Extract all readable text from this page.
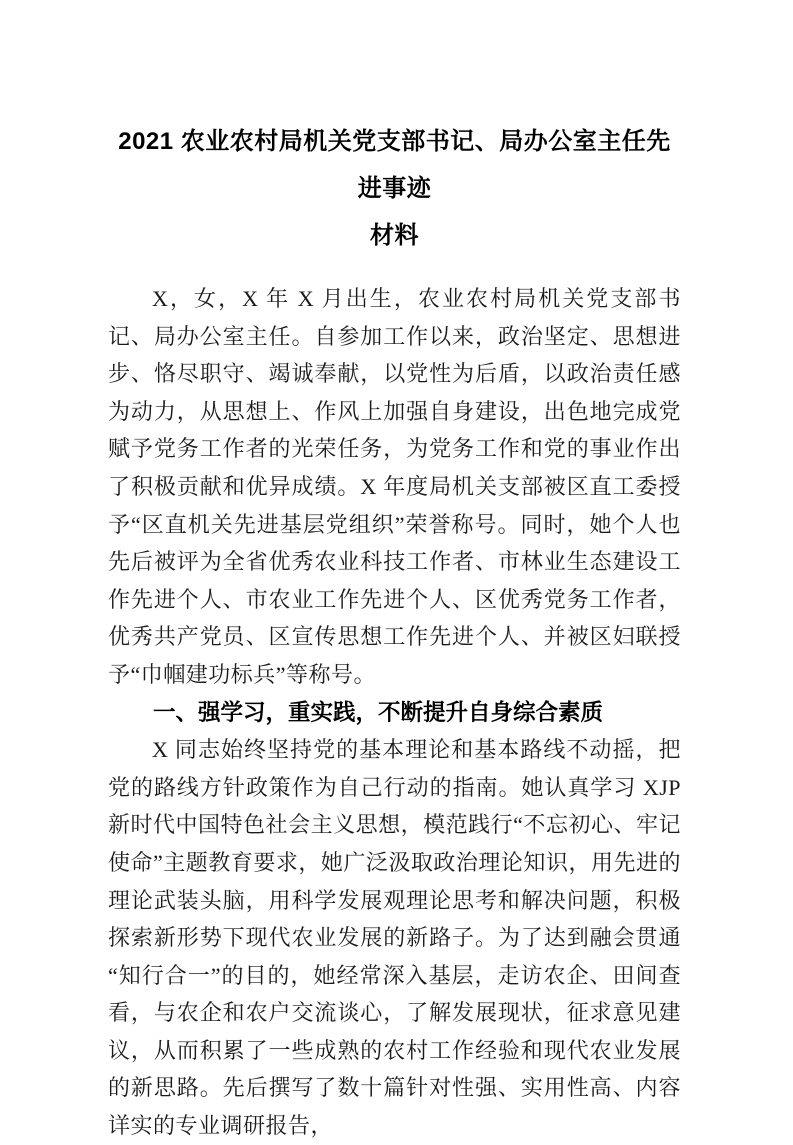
2021 农业农村局机关党支部书记、局办公室主任先进事迹
材料

X，女，X 年 X 月出生，农业农村局机关党支部书记、局办公室主任。自参加工作以来，政治坚定、思想进步、恪尽职守、竭诚奉献，以党性为后盾，以政治责任感为动力，从思想上、作风上加强自身建设，出色地完成党赋予党务工作者的光荣任务，为党务工作和党的事业作出了积极贡献和优异成绩。X 年度局机关支部被区直工委授予“区直机关先进基层党组织”荣誉称号。同时，她个人也先后被评为全省优秀农业科技工作者、市林业生态建设工作先进个人、市农业工作先进个人、区优秀党务工作者，优秀共产党员、区宣传思想工作先进个人、并被区妇联授予“巾帼建功标兵”等称号。

一、强学习，重实践，不断提升自身综合素质

X 同志始终坚持党的基本理论和基本路线不动摇，把党的路线方针政策作为自己行动的指南。她认真学习 XJP 新时代中国特色社会主义思想，模范践行“不忘初心、牢记使命”主题教育要求，她广泛汲取政治理论知识，用先进的理论武装头脑，用科学发展观理论思考和解决问题，积极探索新形势下现代农业发展的新路子。为了达到融会贯通“知行合一”的目的，她经常深入基层，走访农企、田间查看，与农企和农户交流谈心，了解发展现状，征求意见建议，从而积累了一些成熟的农村工作经验和现代农业发展的新思路。先后撰写了数十篇针对性强、实用性高、内容详实的专业调研报告，
